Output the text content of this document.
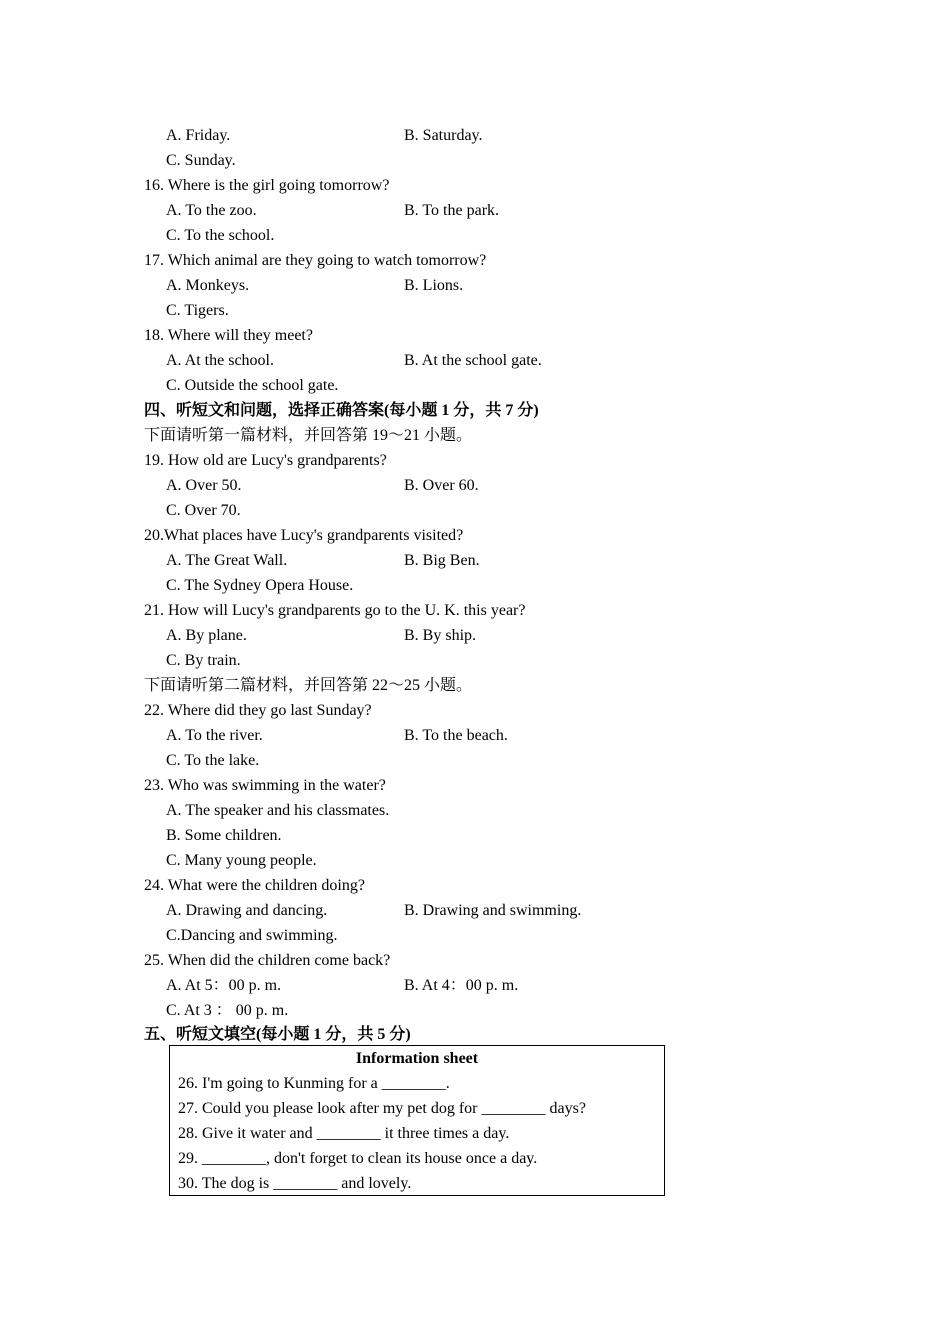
A. Friday.	B. Saturday.
C. Sunday.
16. Where is the girl going tomorrow?
A. To the zoo.	B. To the park.
C. To the school.
17. Which animal are they going to watch tomorrow?
A. Monkeys.	B. Lions.
C. Tigers.
18. Where will they meet?
A. At the school.	B. At the school gate.
C. Outside the school gate.
四、听短文和问题，选择正确答案(每小题 1 分，共 7 分)
下面请听第一篇材料，并回答第 19～21 小题。
19. How old are Lucy's grandparents?
A. Over 50.	B. Over 60.
C. Over 70.
20.What places have Lucy's grandparents visited?
A. The Great Wall.	B. Big Ben.
C. The Sydney Opera House.
21. How will Lucy's grandparents go to the U. K. this year?
A. By plane.	B. By ship.
C. By train.
下面请听第二篇材料，并回答第 22～25 小题。
22. Where did they go last Sunday?
A. To the river.	B. To the beach.
C. To the lake.
23. Who was swimming in the water?
A. The speaker and his classmates.
B. Some children.
C. Many young people.
24. What were the children doing?
A. Drawing and dancing.	B. Drawing and swimming.
C.Dancing and swimming.
25. When did the children come back?
A. At 5：00 p. m.	B. At 4：00 p. m.
C. At 3 ： 00 p. m.
五、听短文填空(每小题 1 分，共 5 分)
Information sheet
26. I'm going to Kunming for a ________.
27. Could you please look after my pet dog for ________ days?
28. Give it water and ________ it three times a day.
29. ________, don't forget to clean its house once a day.
30. The dog is ________ and lovely.
